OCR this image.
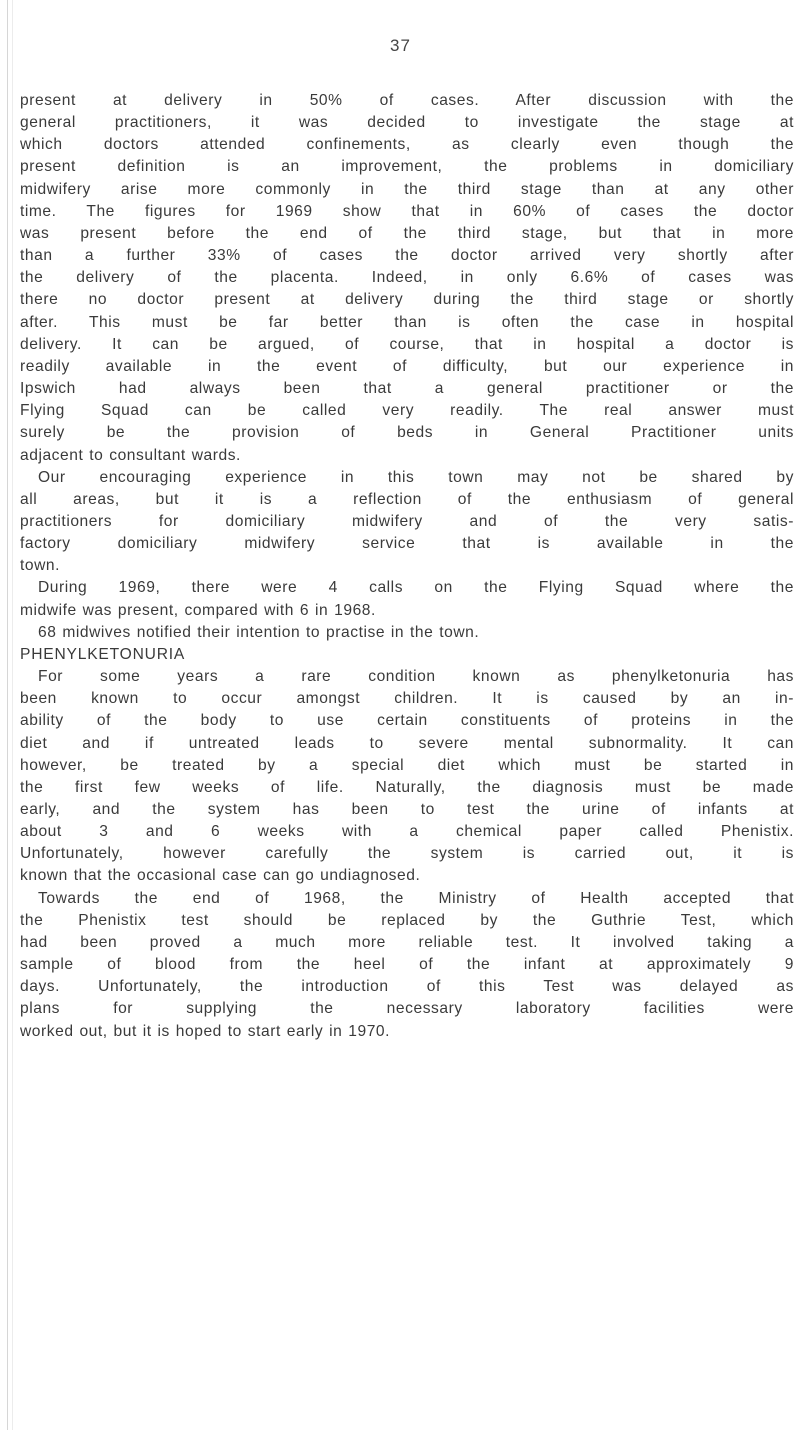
37
present at delivery in 50% of cases. After discussion with the
general practitioners, it was decided to investigate the stage at
which doctors attended confinements, as clearly even though the
present definition is an improvement, the problems in domiciliary
midwifery arise more commonly in the third stage than at any other
time. The figures for 1969 show that in 60% of cases the doctor
was present before the end of the third stage, but that in more
than a further 33% of cases the doctor arrived very shortly after
the delivery of the placenta. Indeed, in only 6.6% of cases was
there no doctor present at delivery during the third stage or shortly
after. This must be far better than is often the case in hospital
delivery. It can be argued, of course, that in hospital a doctor is
readily available in the event of difficulty, but our experience in
Ipswich had always been that a general practitioner or the
Flying Squad can be called very readily. The real answer must
surely be the provision of beds in General Practitioner units
adjacent to consultant wards.
Our encouraging experience in this town may not be shared by
all areas, but it is a reflection of the enthusiasm of general
practitioners for domiciliary midwifery and of the very satis-
factory domiciliary midwifery service that is available in the
town.
During 1969, there were 4 calls on the Flying Squad where the
midwife was present, compared with 6 in 1968.
68 midwives notified their intention to practise in the town.
PHENYLKETONURIA
For some years a rare condition known as phenylketonuria has
been known to occur amongst children. It is caused by an in-
ability of the body to use certain constituents of proteins in the
diet and if untreated leads to severe mental subnormality. It can
however, be treated by a special diet which must be started in
the first few weeks of life. Naturally, the diagnosis must be made
early, and the system has been to test the urine of infants at
about 3 and 6 weeks with a chemical paper called Phenistix.
Unfortunately, however carefully the system is carried out, it is
known that the occasional case can go undiagnosed.
Towards the end of 1968, the Ministry of Health accepted that
the Phenistix test should be replaced by the Guthrie Test, which
had been proved a much more reliable test. It involved taking a
sample of blood from the heel of the infant at approximately 9
days. Unfortunately, the introduction of this Test was delayed as
plans for supplying the necessary laboratory facilities were
worked out, but it is hoped to start early in 1970.
